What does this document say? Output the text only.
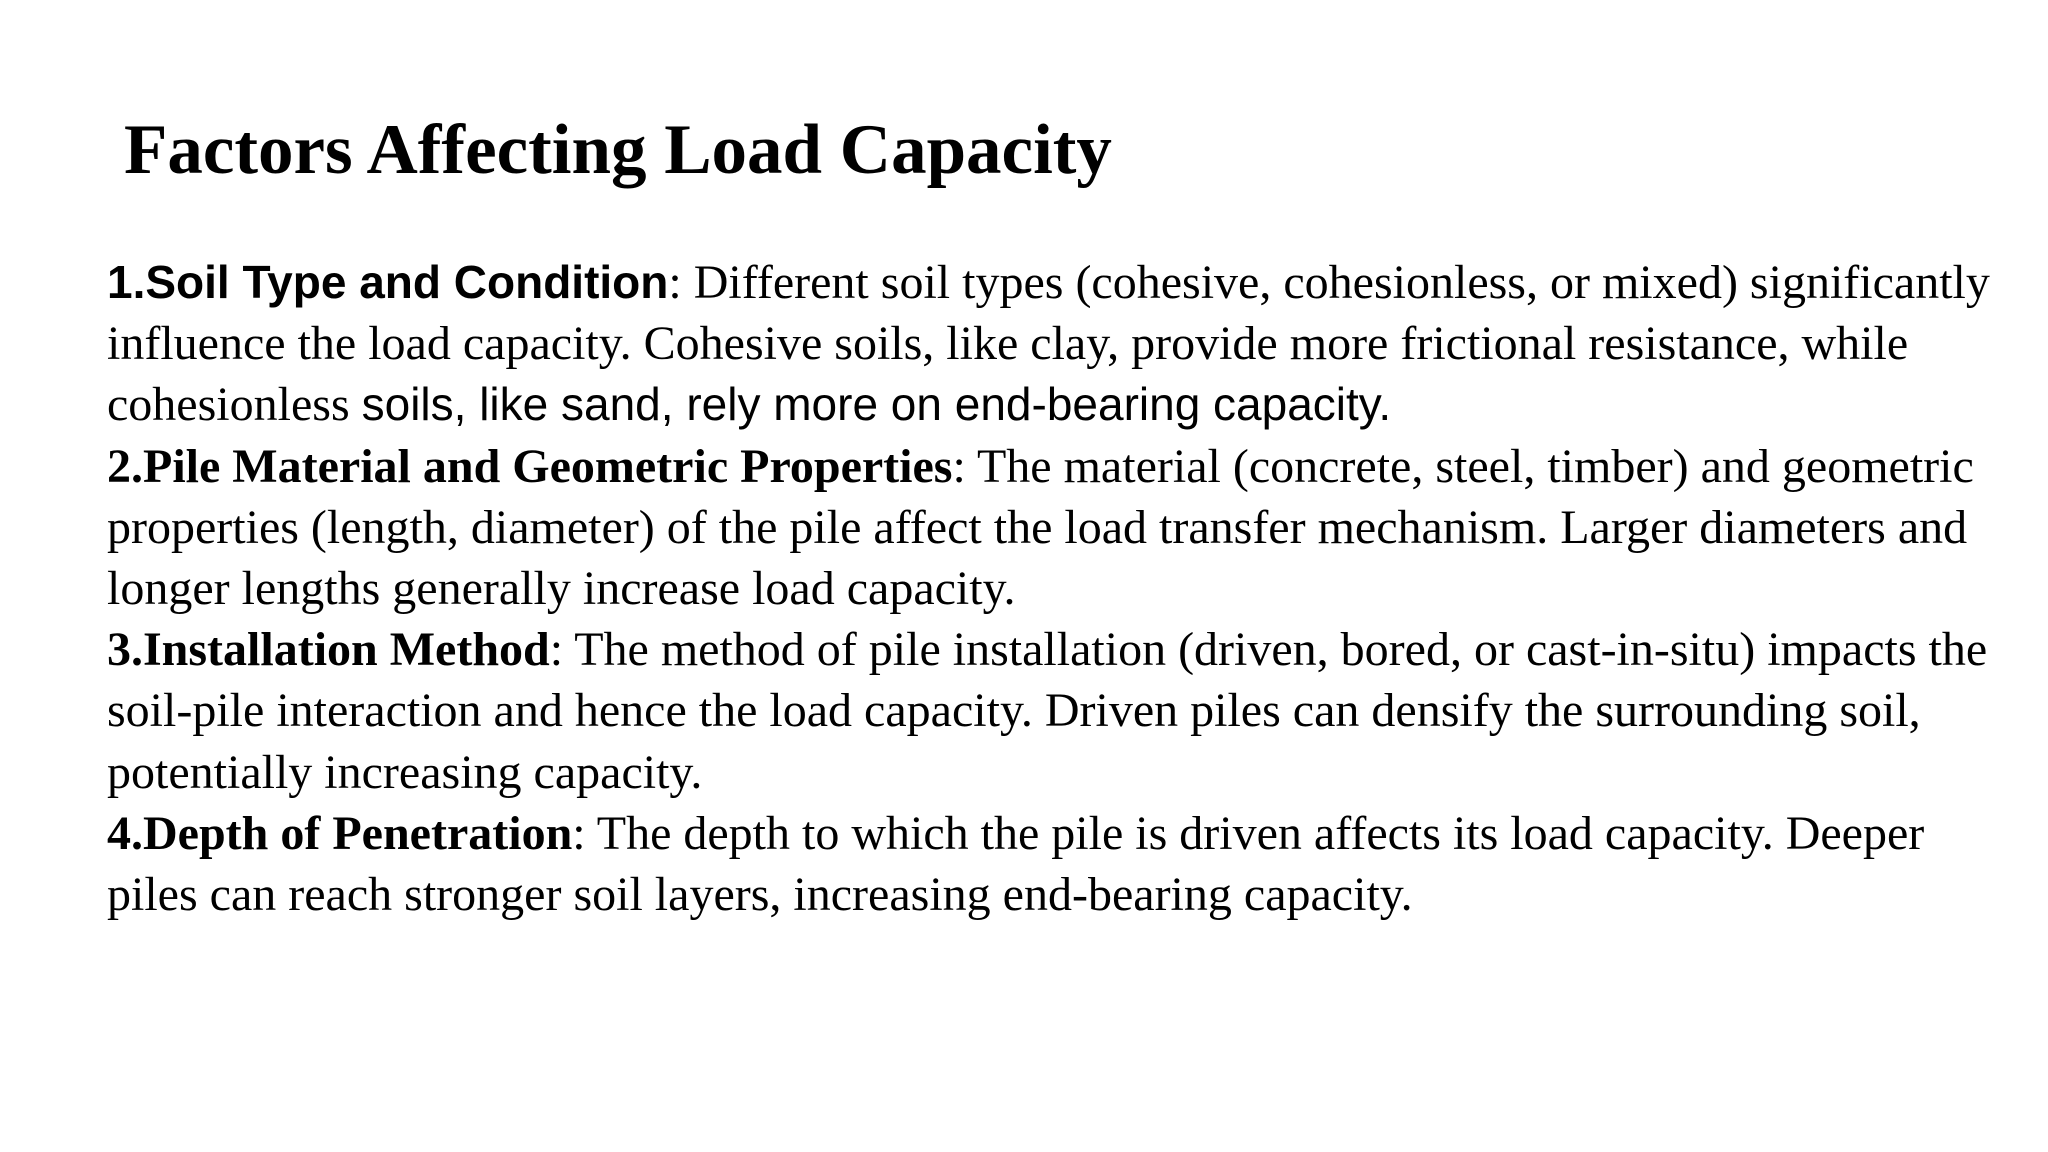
Factors Affecting Load Capacity

1.Soil Type and Condition: Different soil types (cohesive, cohesionless, or mixed) significantly influence the load capacity. Cohesive soils, like clay, provide more frictional resistance, while cohesionless soils, like sand, rely more on end-bearing capacity.

2.Pile Material and Geometric Properties: The material (concrete, steel, timber) and geometric properties (length, diameter) of the pile affect the load transfer mechanism. Larger diameters and longer lengths generally increase load capacity.

3.Installation Method: The method of pile installation (driven, bored, or cast-in-situ) impacts the soil-pile interaction and hence the load capacity. Driven piles can densify the surrounding soil, potentially increasing capacity.

4.Depth of Penetration: The depth to which the pile is driven affects its load capacity. Deeper piles can reach stronger soil layers, increasing end-bearing capacity.
